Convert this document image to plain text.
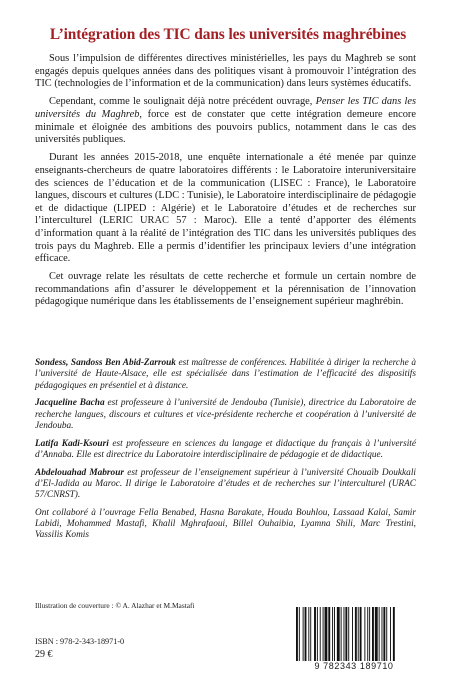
L’intégration des TIC dans les universités maghrébines

Sous l’impulsion de différentes directives ministérielles, les pays du Maghreb se sont engagés depuis quelques années dans des politiques visant à promouvoir l’intégration des TIC (technologies de l’information et de la communication) dans leurs systèmes éducatifs.

Cependant, comme le soulignait déjà notre précédent ouvrage, Penser les TIC dans les universités du Maghreb, force est de constater que cette intégration demeure encore minimale et éloignée des ambitions des pouvoirs publics, notamment dans le cas des universités publiques.

Durant les années 2015-2018, une enquête internationale a été menée par quinze enseignants-chercheurs de quatre laboratoires différents : le Laboratoire interuniversitaire des sciences de l’éducation et de la communication (LISEC : France), le Laboratoire langues, discours et cultures (LDC : Tunisie), le Laboratoire interdisciplinaire de pédagogie et de didactique (LIPED : Algérie) et le Laboratoire d’études et de recherches sur l’interculturel (LERIC URAC 57 : Maroc). Elle a tenté d’apporter des éléments d’information quant à la réalité de l’intégration des TIC dans les universités publiques des trois pays du Maghreb. Elle a permis d’identifier les principaux leviers d’une intégration efficace.

Cet ouvrage relate les résultats de cette recherche et formule un certain nombre de recommandations afin d’assurer le développement et la pérennisation de l’innovation pédagogique numérique dans les établissements de l’enseignement supérieur maghrébin.

Sondess, Sandoss Ben Abid-Zarrouk est maîtresse de conférences. Habilitée à diriger la recherche à l’université de Haute-Alsace, elle est spécialisée dans l’estimation de l’efficacité des dispositifs pédagogiques en présentiel et à distance.

Jacqueline Bacha est professeure à l’université de Jendouba (Tunisie), directrice du Laboratoire de recherche langues, discours et cultures et vice-présidente recherche et coopération à l’université de Jendouba.

Latifa Kadi-Ksouri est professeure en sciences du langage et didactique du français à l’université d’Annaba. Elle est directrice du Laboratoire interdisciplinaire de pédagogie et de didactique.

Abdelouahad Mabrour est professeur de l’enseignement supérieur à l’université Chouaïb Doukkali d’El-Jadida au Maroc. Il dirige le Laboratoire d’études et de recherches sur l’interculturel (URAC 57/CNRST).

Ont collaboré à l’ouvrage Fella Benabed, Hasna Barakate, Houda Bouhlou, Lassaad Kalai, Samir Labidi, Mohammed Mastafi, Khalil Mghrafaoui, Billel Ouhaibia, Lyamna Shili, Marc Trestini, Vassilis Komis

Illustration de couverture : © A. Alazhar et M.Mastafi
ISBN : 978-2-343-18971-0
29 €
9 782343 189710
